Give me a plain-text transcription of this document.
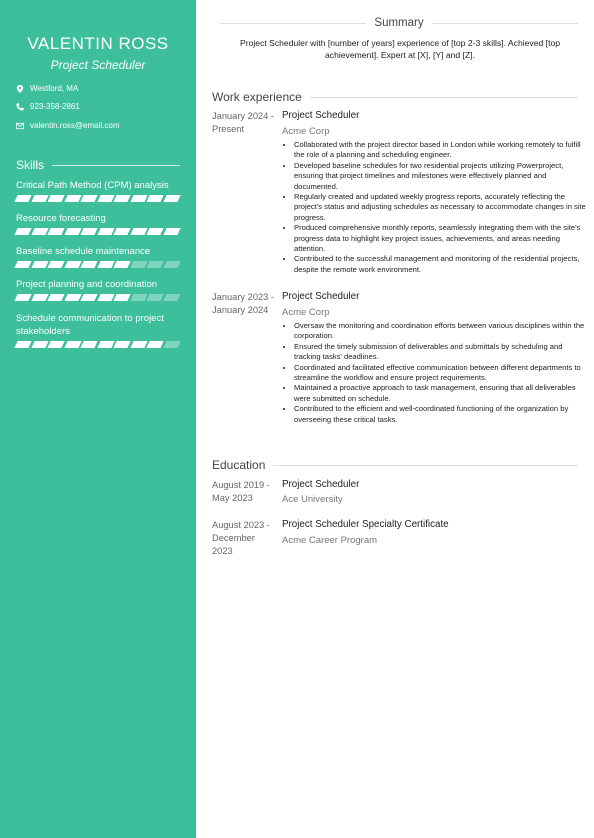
VALENTIN ROSS
Project Scheduler
Westford, MA
923-358-2861
valentin.ross@email.com
Skills
Critical Path Method (CPM) analysis
Resource forecasting
Baseline schedule maintenance
Project planning and coordination
Schedule communication to project stakeholders
Summary
Project Scheduler with [number of years] experience of [top 2-3 skills]. Achieved [top achievement]. Expert at [X], [Y] and [Z].
Work experience
January 2024 - Present
Project Scheduler
Acme Corp
• Collaborated with the project director based in London while working remotely to fulfill the role of a planning and scheduling engineer.
• Developed baseline schedules for two residential projects utilizing Powerproject, ensuring that project timelines and milestones were effectively planned and documented.
• Regularly created and updated weekly progress reports, accurately reflecting the project's status and adjusting schedules as necessary to accommodate changes in site progress.
• Produced comprehensive monthly reports, seamlessly integrating them with the site's progress data to highlight key project issues, achievements, and areas needing attention.
• Contributed to the successful management and monitoring of the residential projects, despite the remote work environment.
January 2023 - January 2024
Project Scheduler
Acme Corp
• Oversaw the monitoring and coordination efforts between various disciplines within the corporation.
• Ensured the timely submission of deliverables and submittals by scheduling and tracking tasks' deadlines.
• Coordinated and facilitated effective communication between different departments to streamline the workflow and ensure project requirements.
• Maintained a proactive approach to task management, ensuring that all deliverables were submitted on schedule.
• Contributed to the efficient and well-coordinated functioning of the organization by overseeing these critical tasks.
Education
August 2019 - May 2023
Project Scheduler
Ace University
August 2023 - December 2023
Project Scheduler Specialty Certificate
Acme Career Program
